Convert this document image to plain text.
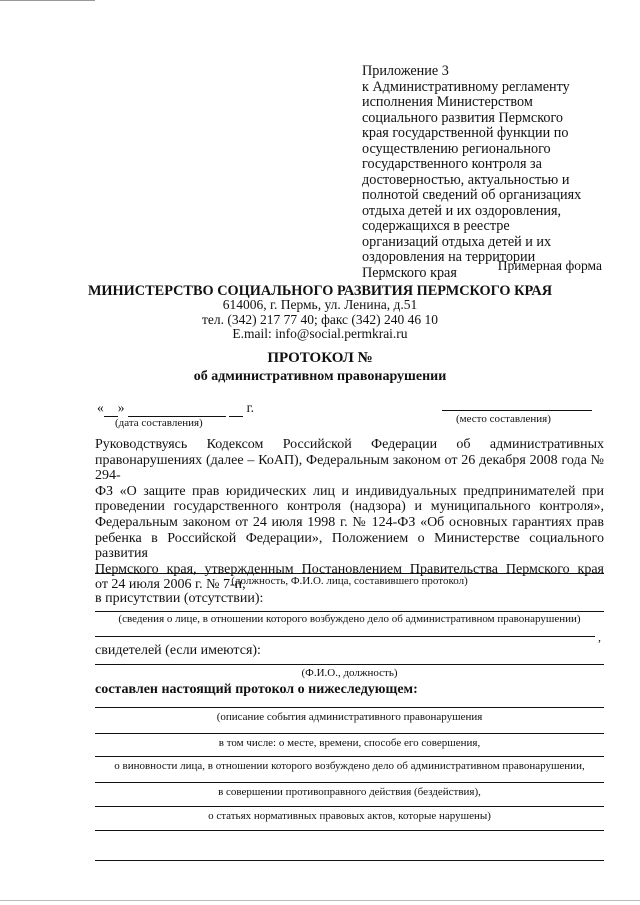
Приложение 3
к Административному регламенту
исполнения Министерством
социального развития Пермского
края государственной функции по
осуществлению регионального
государственного контроля за
достоверностью, актуальностью и
полнотой сведений об организациях
отдыха детей и их оздоровления,
содержащихся в реестре
организаций отдыха детей и их
оздоровления на территории
Пермского края	Примерная форма
МИНИСТЕРСТВО СОЦИАЛЬНОГО РАЗВИТИЯ ПЕРМСКОГО КРАЯ
614006, г. Пермь, ул. Ленина, д.51
тел. (342) 217 77 40; факс (342) 240 46 10
E.mail: info@social.permkrai.ru
ПРОТОКОЛ №
об административном правонарушении
« »	г.
(дата составления)	(место составления)
Руководствуясь Кодексом Российской Федерации об административных
правонарушениях (далее – КоАП), Федеральным законом от 26 декабря 2008 года № 294-
ФЗ «О защите прав юридических лиц и индивидуальных предпринимателей при
проведении государственного контроля (надзора) и муниципального контроля»,
Федеральным законом от 24 июля 1998 г. № 124-ФЗ «Об основных гарантиях прав
ребенка в Российской Федерации», Положением о Министерстве социального развития
Пермского края, утвержденным Постановлением Правительства Пермского края
от 24 июля 2006 г. № 7-п,
(должность, Ф.И.О. лица, составившего протокол)
в присутствии (отсутствии):
(сведения о лице, в отношении которого возбуждено дело об административном правонарушении)
,
свидетелей (если имеются):
(Ф.И.О., должность)
составлен настоящий протокол о нижеследующем:
(описание события административного правонарушения
в том числе: о месте, времени, способе его совершения,
о виновности лица, в отношении которого возбуждено дело об административном правонарушении,
в совершении противоправного действия (бездействия),
о статьях нормативных правовых актов, которые нарушены)
